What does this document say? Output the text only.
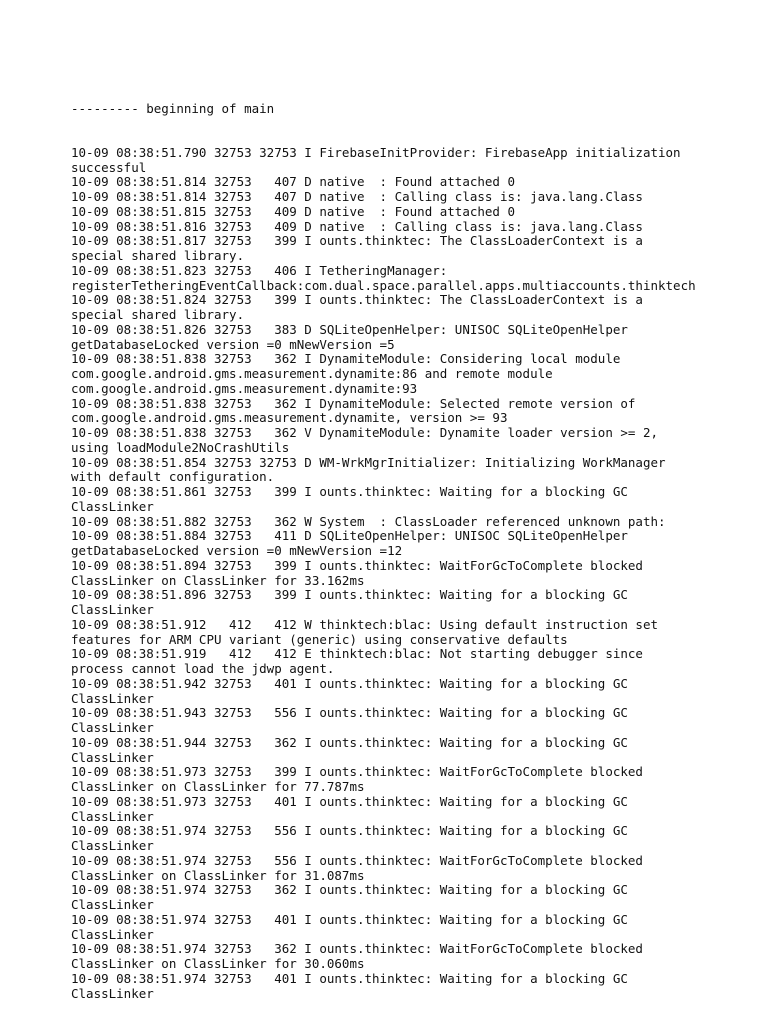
--------- beginning of main

10-09 08:38:51.790 32753 32753 I FirebaseInitProvider: FirebaseApp initialization
successful
10-09 08:38:51.814 32753   407 D native  : Found attached 0
10-09 08:38:51.814 32753   407 D native  : Calling class is: java.lang.Class
10-09 08:38:51.815 32753   409 D native  : Found attached 0
10-09 08:38:51.816 32753   409 D native  : Calling class is: java.lang.Class
10-09 08:38:51.817 32753   399 I ounts.thinktec: The ClassLoaderContext is a
special shared library.
10-09 08:38:51.823 32753   406 I TetheringManager:
registerTetheringEventCallback:com.dual.space.parallel.apps.multiaccounts.thinktech
10-09 08:38:51.824 32753   399 I ounts.thinktec: The ClassLoaderContext is a
special shared library.
10-09 08:38:51.826 32753   383 D SQLiteOpenHelper: UNISOC SQLiteOpenHelper
getDatabaseLocked version =0 mNewVersion =5
10-09 08:38:51.838 32753   362 I DynamiteModule: Considering local module
com.google.android.gms.measurement.dynamite:86 and remote module
com.google.android.gms.measurement.dynamite:93
10-09 08:38:51.838 32753   362 I DynamiteModule: Selected remote version of
com.google.android.gms.measurement.dynamite, version >= 93
10-09 08:38:51.838 32753   362 V DynamiteModule: Dynamite loader version >= 2,
using loadModule2NoCrashUtils
10-09 08:38:51.854 32753 32753 D WM-WrkMgrInitializer: Initializing WorkManager
with default configuration.
10-09 08:38:51.861 32753   399 I ounts.thinktec: Waiting for a blocking GC
ClassLinker
10-09 08:38:51.882 32753   362 W System  : ClassLoader referenced unknown path:
10-09 08:38:51.884 32753   411 D SQLiteOpenHelper: UNISOC SQLiteOpenHelper
getDatabaseLocked version =0 mNewVersion =12
10-09 08:38:51.894 32753   399 I ounts.thinktec: WaitForGcToComplete blocked
ClassLinker on ClassLinker for 33.162ms
10-09 08:38:51.896 32753   399 I ounts.thinktec: Waiting for a blocking GC
ClassLinker
10-09 08:38:51.912   412   412 W thinktech:blac: Using default instruction set
features for ARM CPU variant (generic) using conservative defaults
10-09 08:38:51.919   412   412 E thinktech:blac: Not starting debugger since
process cannot load the jdwp agent.
10-09 08:38:51.942 32753   401 I ounts.thinktec: Waiting for a blocking GC
ClassLinker
10-09 08:38:51.943 32753   556 I ounts.thinktec: Waiting for a blocking GC
ClassLinker
10-09 08:38:51.944 32753   362 I ounts.thinktec: Waiting for a blocking GC
ClassLinker
10-09 08:38:51.973 32753   399 I ounts.thinktec: WaitForGcToComplete blocked
ClassLinker on ClassLinker for 77.787ms
10-09 08:38:51.973 32753   401 I ounts.thinktec: Waiting for a blocking GC
ClassLinker
10-09 08:38:51.974 32753   556 I ounts.thinktec: Waiting for a blocking GC
ClassLinker
10-09 08:38:51.974 32753   556 I ounts.thinktec: WaitForGcToComplete blocked
ClassLinker on ClassLinker for 31.087ms
10-09 08:38:51.974 32753   362 I ounts.thinktec: Waiting for a blocking GC
ClassLinker
10-09 08:38:51.974 32753   401 I ounts.thinktec: Waiting for a blocking GC
ClassLinker
10-09 08:38:51.974 32753   362 I ounts.thinktec: WaitForGcToComplete blocked
ClassLinker on ClassLinker for 30.060ms
10-09 08:38:51.974 32753   401 I ounts.thinktec: Waiting for a blocking GC
ClassLinker
